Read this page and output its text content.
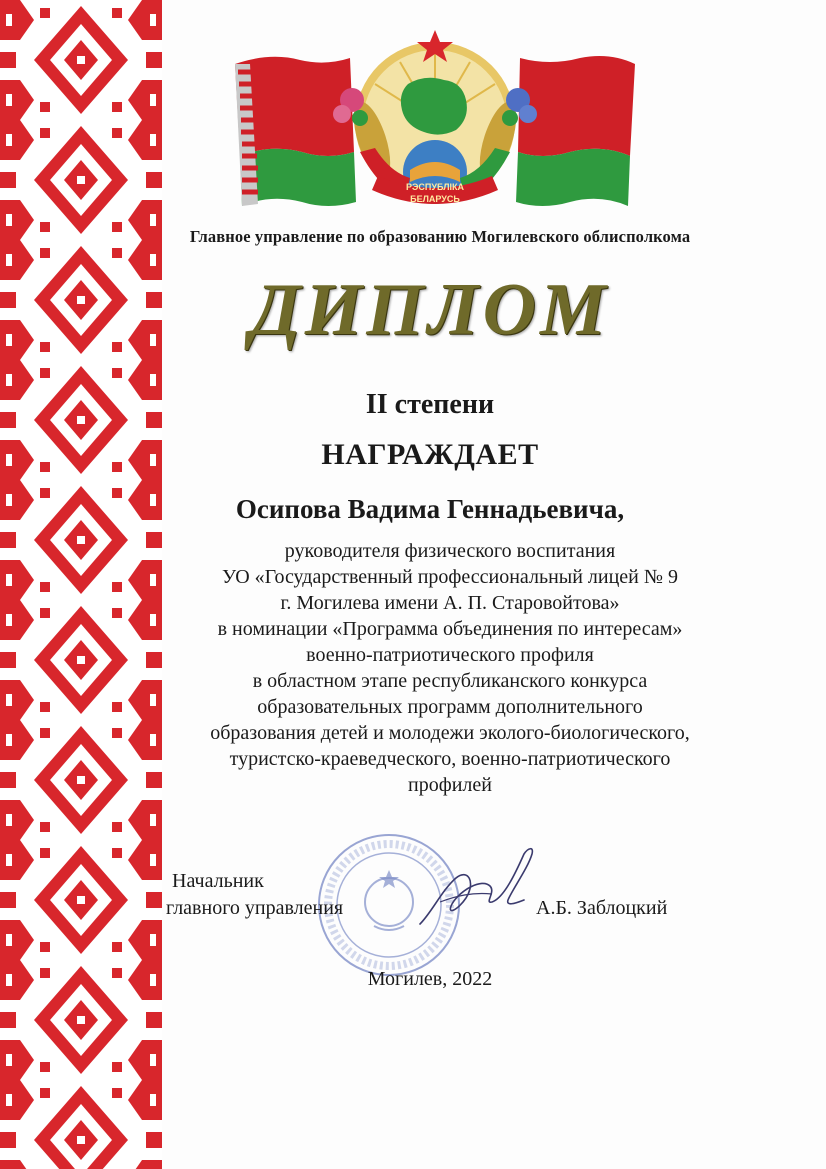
РЭСПУБЛІКА
БЕЛАРУСЬ
Главное управление по образованию Могилевского облисполкома
ДИПЛОМ
II степени
НАГРАЖДАЕТ
Осипова Вадима Геннадьевича,
руководителя физического воспитания
УО «Государственный профессиональный лицей № 9
г. Могилева имени А. П. Старовойтова»
в номинации «Программа объединения по интересам»
военно-патриотического профиля
в областном этапе республиканского конкурса
образовательных программ дополнительного
образования детей и молодежи эколого-биологического,
туристско-краеведческого, военно-патриотического
профилей
Начальник
главного управления	А.Б. Заблоцкий
Могилев, 2022
